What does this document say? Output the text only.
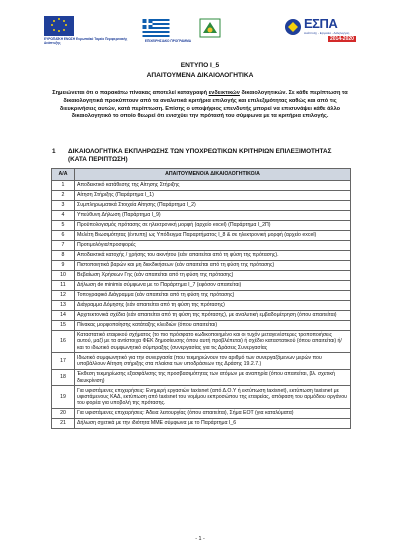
ΕΥΡΩΠΑΪΚΗ ΕΝΩΣΗ Ευρωπαϊκό Ταμείο Περιφερειακής Ανάπτυξης	ΕΠΙΧΕΙΡΗΣΙΑΚΟ ΠΡΟΓΡΑΜΜΑ
ΕΣΠΑ
Ανάπτυξη - Εργασία - Αλληλεγγύη
2014-2020
ΕΝΤΥΠΟ Ι_5
ΑΠΑΙΤΟΥΜΕΝΑ ΔΙΚΑΙΟΛΟΓΗΤΙΚΑ
Σημειώνεται ότι ο παρακάτω πίνακας αποτελεί καταγραφή ενδεικτικών δικαιολογητικών. Σε κάθε περίπτωση τα δικαιολογητικά προκύπτουν από τα αναλυτικά κριτήρια επιλογής και επιλεξιμότητας καθώς και από τις διευκρινήσεις αυτών, κατά περίπτωση. Επίσης ο υποψήφιος επενδυτής μπορεί να επισυνάψει κάθε άλλο δικαιολογητικό το οποίο θεωρεί ότι ενισχύει την πρότασή του σύμφωνα με τα κριτήρια επιλογής.
1 ΔΙΚΑΙΟΛΟΓΗΤΙΚΑ ΕΚΠΛΗΡΩΣΗΣ ΤΩΝ ΥΠΟΧΡΕΩΤΙΚΩΝ ΚΡΙΤΗΡΙΩΝ ΕΠΙΛΕΞΙΜΟΤΗΤΑΣ (ΚΑΤΑ ΠΕΡΙΠΤΩΣΗ)
Α/Α	ΑΠΑΙΤΟΥΜΕΝΟ/Α ΔΙΚΑΙΟΛΟΓΗΤΙΚΟ/Α
1	Αποδεικτικό κατάθεσης της Αίτησης Στήριξης
2	Αίτηση Στήριξης (Παράρτημα Ι_1)
3	Συμπληρωματικά Στοιχεία Αίτησης (Παράρτημα Ι_2)
4	Υπεύθυνη Δήλωση (Παράρτημα Ι_9)
5	Προϋπολογισμός πρότασης σε ηλεκτρονική μορφή (αρχείο excel) (Παράρτημα Ι_2Π)
6	Μελέτη Βιωσιμότητας (έντυπη) ως Υπόδειγμα Παραρτήματος Ι_8 & σε ηλεκτρονική μορφή (αρχείο excel)
7	Προτιμολόγια/προσφορές
8	Αποδεικτικά κατοχής / χρήσης του ακινήτου (εάν απαιτείται από τη φύση της πρότασης).
9	Πιστοποιητικά βαρών και μη διεκδικήσεων (εάν απαιτείται από τη φύση της πρότασης)
10	Βεβαίωση Χρήσεων Γης (εάν απαιτείται από τη φύση της πρότασης)
11	Δήλωση de minimis σύμφωνα με το Παράρτημα Ι_7 (εφόσον απαιτείται)
12	Τοπογραφικό Διάγραμμα (εάν απαιτείται από τη φύση της πρότασης)
13	Διάγραμμα Δόμησης (εάν απαιτείται από τη φύση της πρότασης)
14	Αρχιτεκτονικά σχέδια (εάν απαιτείται από τη φύση της πρότασης), με αναλυτική εμβαδομέτρηση (όπου απαιτείται)
15	Πίνακας μορφοποίησης κατάταξης κλειδιών (όπου απαιτείται)
16	Καταστατικό εταιρικού σχήματος (το πιο πρόσφατο κωδικοποιημένο και οι τυχόν μεταγενέστερες τροποποιήσεις αυτού, μαζί με τα αντίστοιχα ΦΕΚ δημοσίευσης όπου αυτή προβλέπεται) ή σχέδιο καταστατικού (όπου απαιτείται) ή/και το ιδιωτικό συμφωνητικό σύμπραξης (συνεργασίας για τις Δράσεις Συνεργασίας
17	Ιδιωτικό συμφωνητικό για την συνεργασία (που τεκμηριώνουν τον αριθμό των συνεργαζόμενων μερών που υποβάλλουν Αίτηση στήριξης στα πλαίσια των υποδράσεων της Δράσης 19.2.7.)
18	Έκθεση τεκμηρίωσης εξασφάλισης της προσβασιμότητας των ατόμων με αναπηρία (όπου απαιτείται, βλ. σχετική διευκρίνιση)
19	Για υφιστάμενες επιχειρήσεις: Ενημερή εργασιών taxisnet (από Δ.Ο.Υ ή εκτύπωση taxisnet), εκτύπωση taxisnet με υφιστάμενους ΚΑΔ, εκτύπωση από taxisnet του νομίμου εκπροσώπου της εταιρείας, απόφαση του αρμόδιου οργάνου του φορέα για υποβολή της πρότασης.
20	Για υφιστάμενες επιχειρήσεις: Άδεια λειτουργίας (όπου απαιτείται), Σήμα ΕΟΤ (για καταλύματα)
21	Δήλωση σχετικά με την ιδιότητα ΜΜΕ σύμφωνα με το Παράρτημα Ι_6
- 1 -
